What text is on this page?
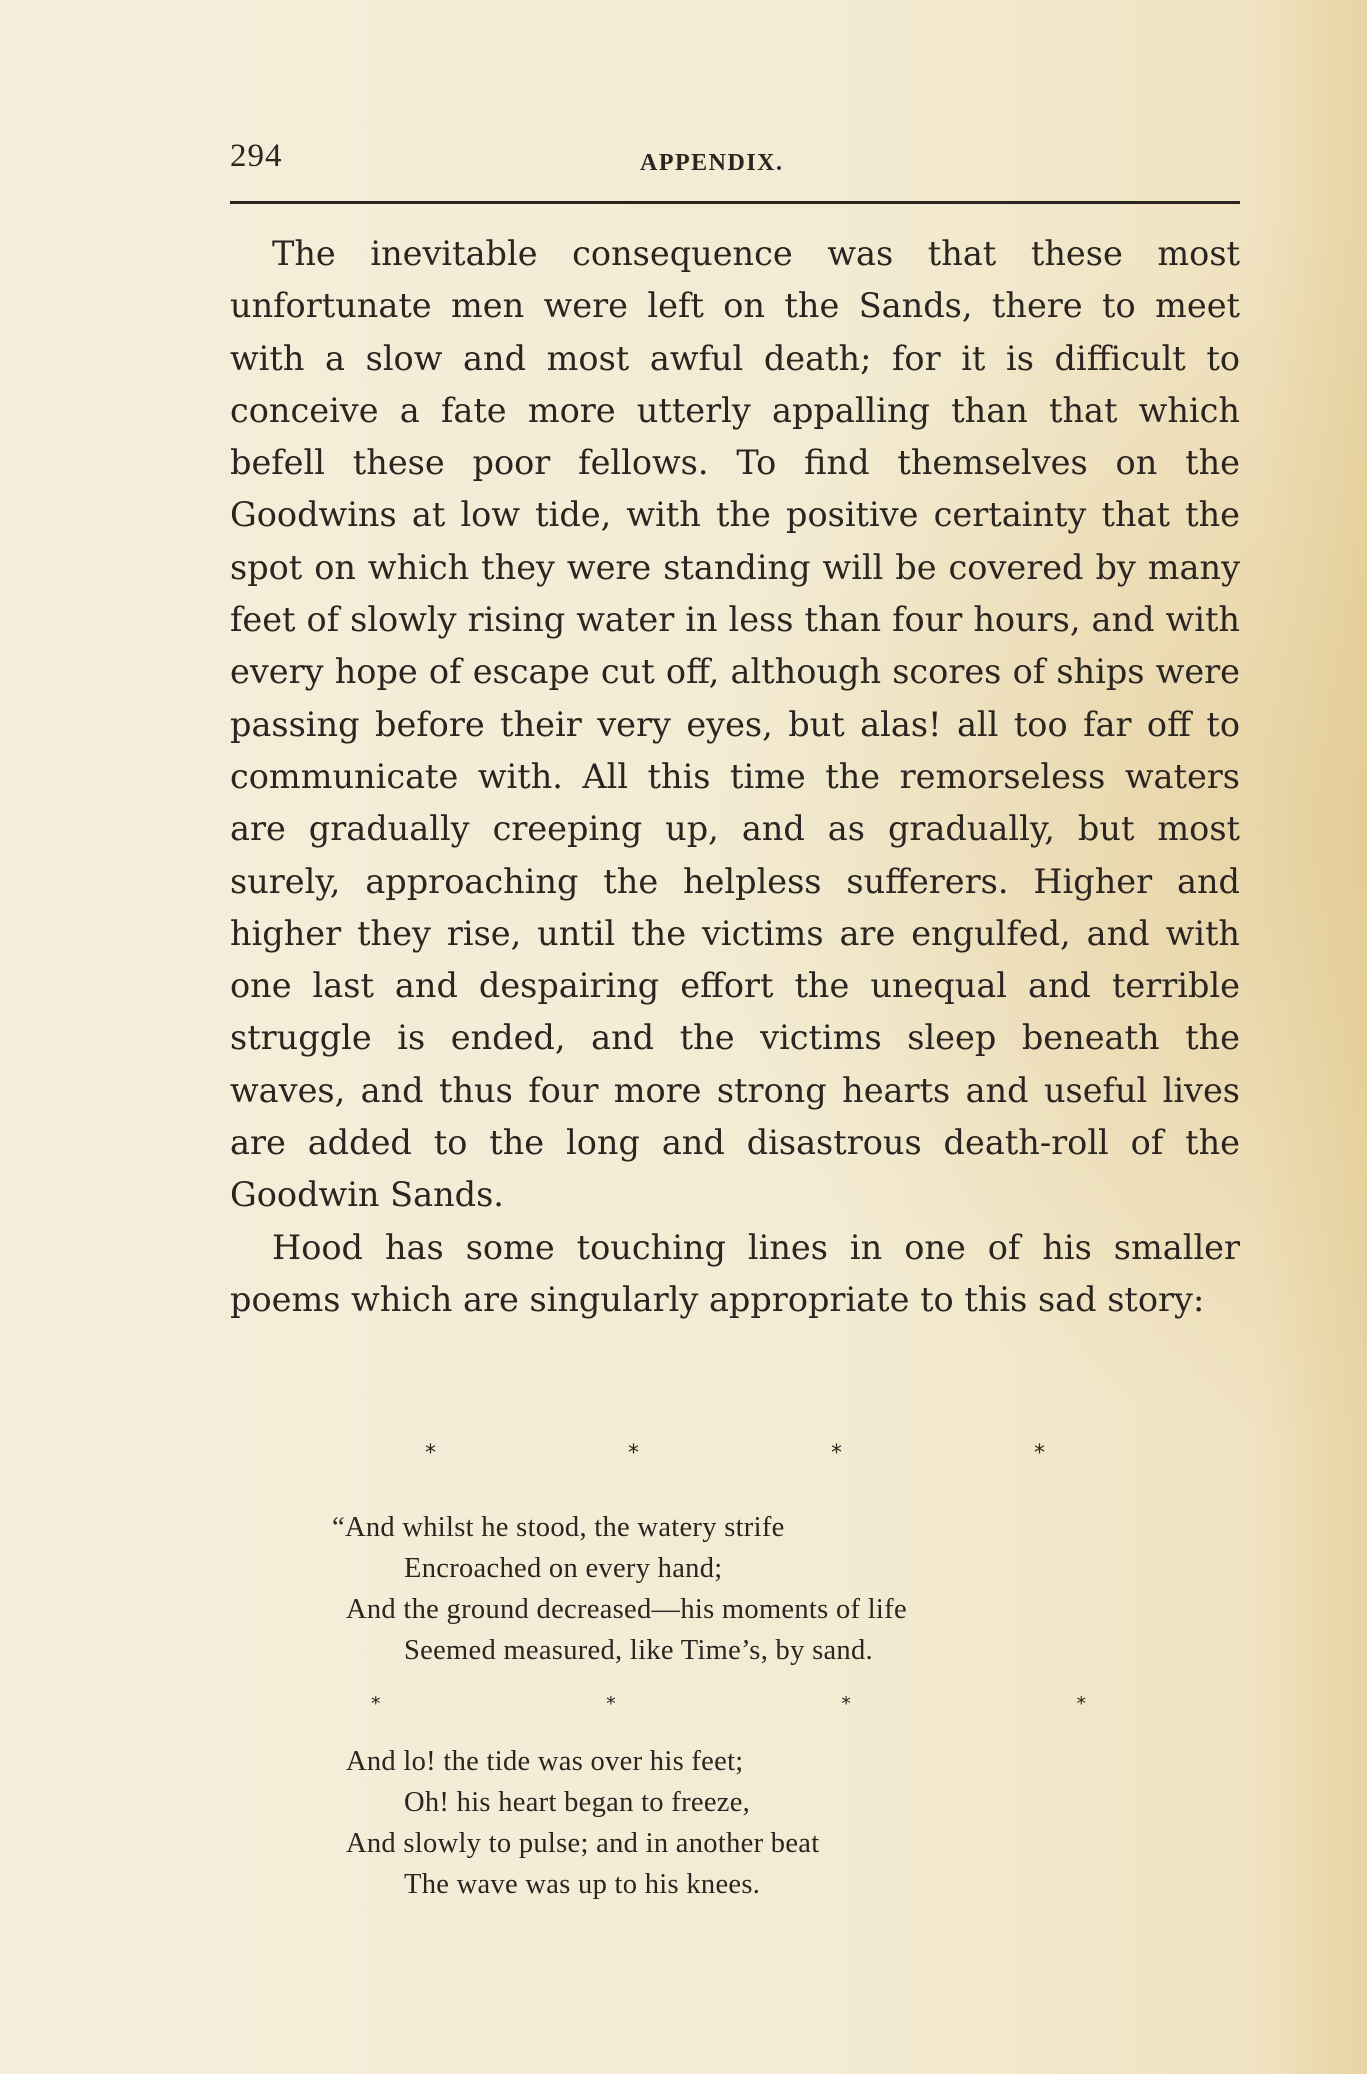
294	APPENDIX.

The inevitable consequence was that these most unfortunate men were left on the Sands, there to meet with a slow and most awful death; for it is difficult to conceive a fate more utterly appalling than that which befell these poor fellows. To find themselves on the Goodwins at low tide, with the positive certainty that the spot on which they were standing will be covered by many feet of slowly rising water in less than four hours, and with every hope of escape cut off, although scores of ships were passing before their very eyes, but alas! all too far off to communicate with. All this time the remorseless waters are gradually creeping up, and as gradually, but most surely, approaching the helpless sufferers. Higher and higher they rise, until the victims are engulfed, and with one last and despairing effort the unequal and terrible struggle is ended, and the victims sleep beneath the waves, and thus four more strong hearts and useful lives are added to the long and disastrous death-roll of the Goodwin Sands.

Hood has some touching lines in one of his smaller poems which are singularly appropriate to this sad story:

*	*	*	*
“And whilst he stood, the watery strife
Encroached on every hand;
And the ground decreased—his moments of life
Seemed measured, like Time’s, by sand.
*	*	*	*
And lo! the tide was over his feet;
Oh! his heart began to freeze,
And slowly to pulse; and in another beat
The wave was up to his knees.
